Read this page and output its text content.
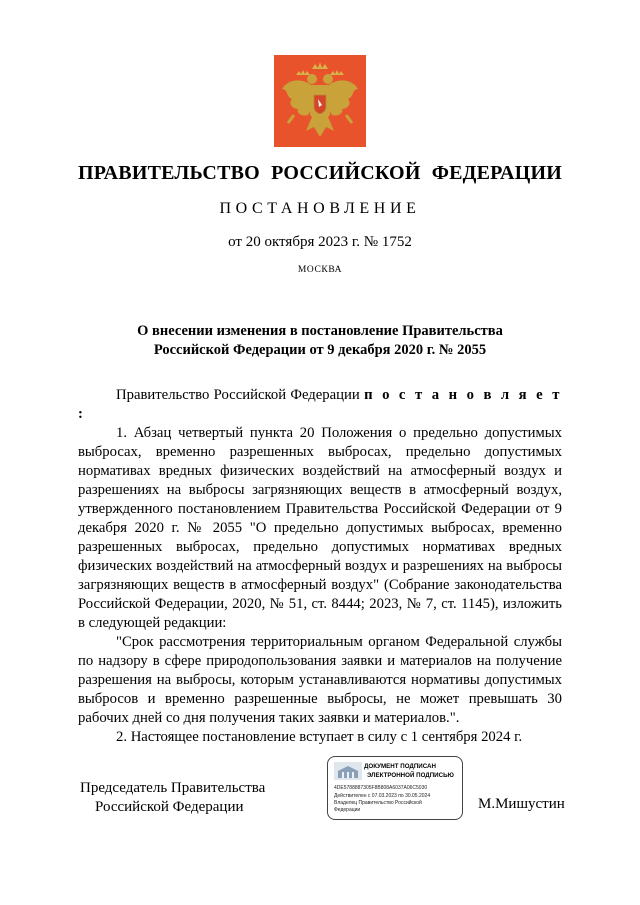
ПРАВИТЕЛЬСТВО РОССИЙСКОЙ ФЕДЕРАЦИИ
ПОСТАНОВЛЕНИЕ
от 20 октября 2023 г. № 1752
МОСКВА
О внесении изменения в постановление Правительства
Российской Федерации от 9 декабря 2020 г. № 2055

Правительство Российской Федерации п о с т а н о в л я е т :

1. Абзац четвертый пункта 20 Положения о предельно допустимых выбросах, временно разрешенных выбросах, предельно допустимых нормативах вредных физических воздействий на атмосферный воздух и разрешениях на выбросы загрязняющих веществ в атмосферный воздух, утвержденного постановлением Правительства Российской Федерации от 9 декабря 2020 г. № 2055 "О предельно допустимых выбросах, временно разрешенных выбросах, предельно допустимых нормативах вредных физических воздействий на атмосферный воздух и разрешениях на выбросы загрязняющих веществ в атмосферный воздух" (Собрание законодательства Российской Федерации, 2020, № 51, ст. 8444; 2023, № 7, ст. 1145), изложить в следующей редакции:

"Срок рассмотрения территориальным органом Федеральной службы по надзору в сфере природопользования заявки и материалов на получение разрешения на выбросы, которым устанавливаются нормативы допустимых выбросов и временно разрешенные выбросы, не может превышать 30 рабочих дней со дня получения таких заявки и материалов.".

2. Настоящее постановление вступает в силу с 1 сентября 2024 г.

Председатель Правительства
Российской Федерации
ДОКУМЕНТ ПОДПИСАН
ЭЛЕКТРОННОЙ ПОДПИСЬЮ
4DE5788887305F8B808A6037A06C5030
Действителен с 07.03.2023 по 30.05.2024
Владелец Правительство Российской
Федерации	М.Мишустин
